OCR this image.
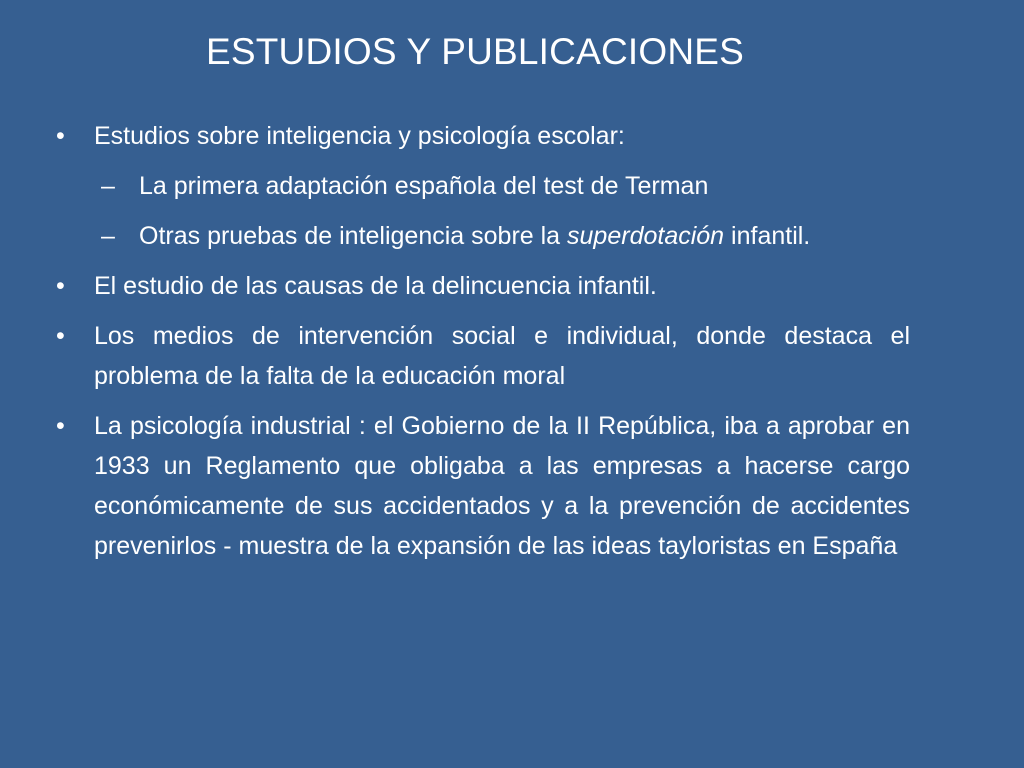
ESTUDIOS Y PUBLICACIONES
•	Estudios sobre inteligencia y psicología escolar:
– La primera adaptación española del test de Terman
– Otras pruebas de inteligencia sobre la superdotación infantil.
•	El estudio de las causas de la delincuencia infantil.
•	Los medios de intervención social e individual, donde destaca el problema de la falta de la educación moral
•	La psicología industrial : el Gobierno de la II República, iba a aprobar en 1933 un Reglamento que obligaba a las empresas a hacerse cargo económicamente de sus accidentados y a la prevención de accidentes prevenirlos - muestra de la expansión de las ideas tayloristas en España
